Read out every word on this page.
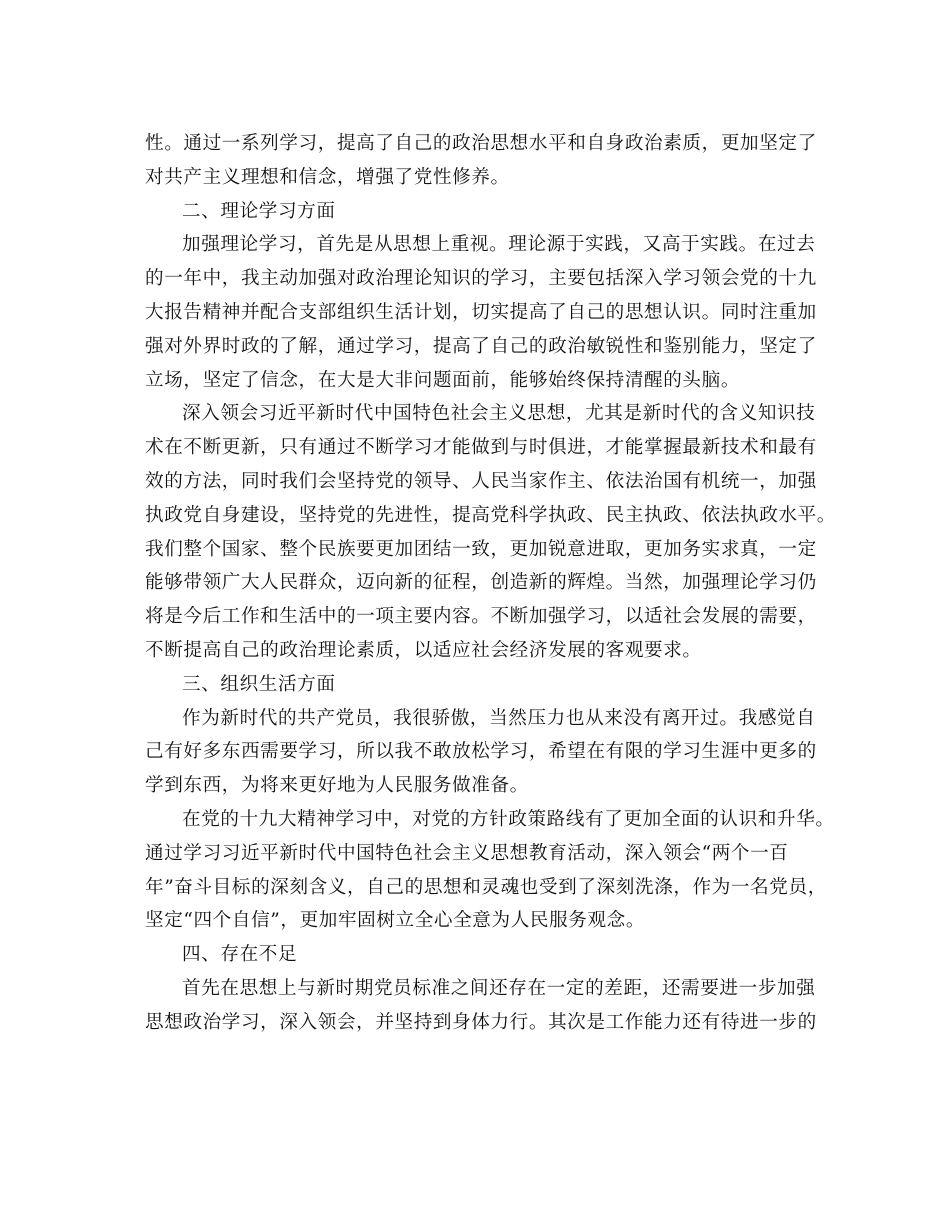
性。通过一系列学习，提高了自己的政治思想水平和自身政治素质，更加坚定了
对共产主义理想和信念，增强了党性修养。
二、理论学习方面
加强理论学习，首先是从思想上重视。理论源于实践，又高于实践。在过去
的一年中，我主动加强对政治理论知识的学习，主要包括深入学习领会党的十九
大报告精神并配合支部组织生活计划，切实提高了自己的思想认识。同时注重加
强对外界时政的了解，通过学习，提高了自己的政治敏锐性和鉴别能力，坚定了
立场，坚定了信念，在大是大非问题面前，能够始终保持清醒的头脑。
深入领会习近平新时代中国特色社会主义思想，尤其是新时代的含义知识技
术在不断更新，只有通过不断学习才能做到与时俱进，才能掌握最新技术和最有
效的方法，同时我们会坚持党的领导、人民当家作主、依法治国有机统一，加强
执政党自身建设，坚持党的先进性，提高党科学执政、民主执政、依法执政水平。
我们整个国家、整个民族要更加团结一致，更加锐意进取，更加务实求真，一定
能够带领广大人民群众，迈向新的征程，创造新的辉煌。当然，加强理论学习仍
将是今后工作和生活中的一项主要内容。不断加强学习，以适社会发展的需要，
不断提高自己的政治理论素质，以适应社会经济发展的客观要求。
三、组织生活方面
作为新时代的共产党员，我很骄傲，当然压力也从来没有离开过。我感觉自
己有好多东西需要学习，所以我不敢放松学习，希望在有限的学习生涯中更多的
学到东西，为将来更好地为人民服务做准备。
在党的十九大精神学习中，对党的方针政策路线有了更加全面的认识和升华。
通过学习习近平新时代中国特色社会主义思想教育活动，深入领会“两个一百
年”奋斗目标的深刻含义，自己的思想和灵魂也受到了深刻洗涤，作为一名党员，
坚定“四个自信”，更加牢固树立全心全意为人民服务观念。
四、存在不足
首先在思想上与新时期党员标准之间还存在一定的差距，还需要进一步加强
思想政治学习，深入领会，并坚持到身体力行。其次是工作能力还有待进一步的
